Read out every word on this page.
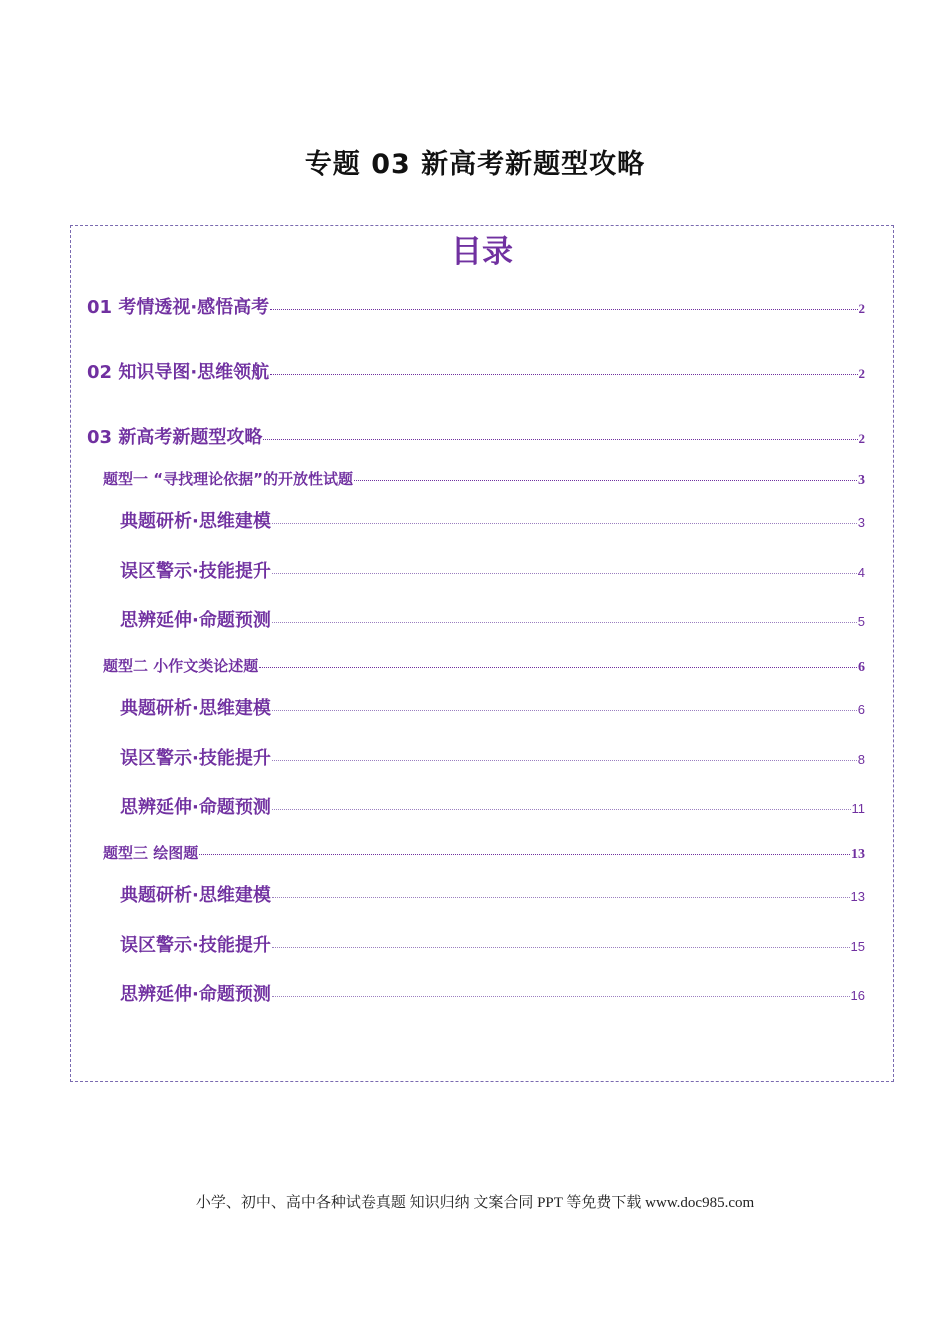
专题 03 新高考新题型攻略
目录
01 考情透视·感悟高考	2
02 知识导图·思维领航	2
03 新高考新题型攻略	2
题型一 “寻找理论依据”的开放性试题	3
典题研析·思维建模	3
误区警示·技能提升	4
思辨延伸·命题预测	5
题型二 小作文类论述题	6
典题研析·思维建模	6
误区警示·技能提升	8
思辨延伸·命题预测	11
题型三 绘图题	13
典题研析·思维建模	13
误区警示·技能提升	15
思辨延伸·命题预测	16
小学、初中、高中各种试卷真题 知识归纳 文案合同 PPT 等免费下载 www.doc985.com
